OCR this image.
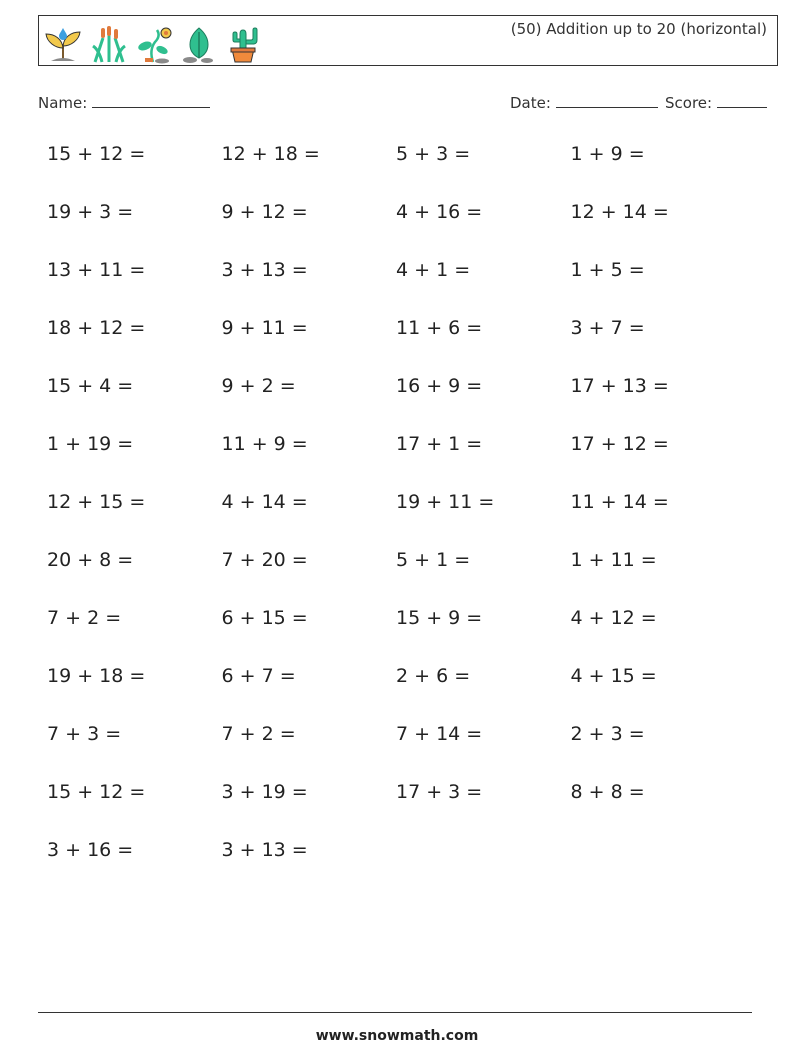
(50) Addition up to 20 (horizontal)
Name:	Date:	Score:
15 + 12 =	12 + 18 =	5 + 3 =	1 + 9 =
19 + 3 =	9 + 12 =	4 + 16 =	12 + 14 =
13 + 11 =	3 + 13 =	4 + 1 =	1 + 5 =
18 + 12 =	9 + 11 =	11 + 6 =	3 + 7 =
15 + 4 =	9 + 2 =	16 + 9 =	17 + 13 =
1 + 19 =	11 + 9 =	17 + 1 =	17 + 12 =
12 + 15 =	4 + 14 =	19 + 11 =	11 + 14 =
20 + 8 =	7 + 20 =	5 + 1 =	1 + 11 =
7 + 2 =	6 + 15 =	15 + 9 =	4 + 12 =
19 + 18 =	6 + 7 =	2 + 6 =	4 + 15 =
7 + 3 =	7 + 2 =	7 + 14 =	2 + 3 =
15 + 12 =	3 + 19 =	17 + 3 =	8 + 8 =
3 + 16 =	3 + 13 =
www.snowmath.com
